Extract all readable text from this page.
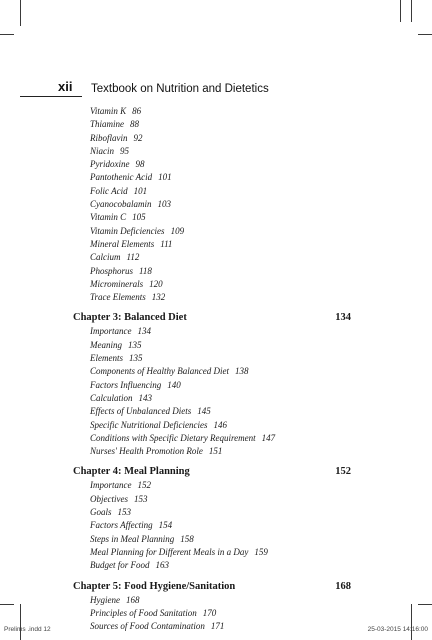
xii Textbook on Nutrition and Dietetics
Vitamin K 86
Thiamine 88
Riboflavin 92
Niacin 95
Pyridoxine 98
Pantothenic Acid 101
Folic Acid 101
Cyanocobalamin 103
Vitamin C 105
Vitamin Deficiencies 109
Mineral Elements 111
Calcium 112
Phosphorus 118
Microminerals 120
Trace Elements 132
Chapter 3: Balanced Diet	134
Importance 134
Meaning 135
Elements 135
Components of Healthy Balanced Diet 138
Factors Influencing 140
Calculation 143
Effects of Unbalanced Diets 145
Specific Nutritional Deficiencies 146
Conditions with Specific Dietary Requirement 147
Nurses' Health Promotion Role 151
Chapter 4: Meal Planning	152
Importance 152
Objectives 153
Goals 153
Factors Affecting 154
Steps in Meal Planning 158
Meal Planning for Different Meals in a Day 159
Budget for Food 163
Chapter 5: Food Hygiene/Sanitation	168
Hygiene 168
Principles of Food Sanitation 170
Sources of Food Contamination 171
Prelims .indd 12	25-03-2015 14:16:00
